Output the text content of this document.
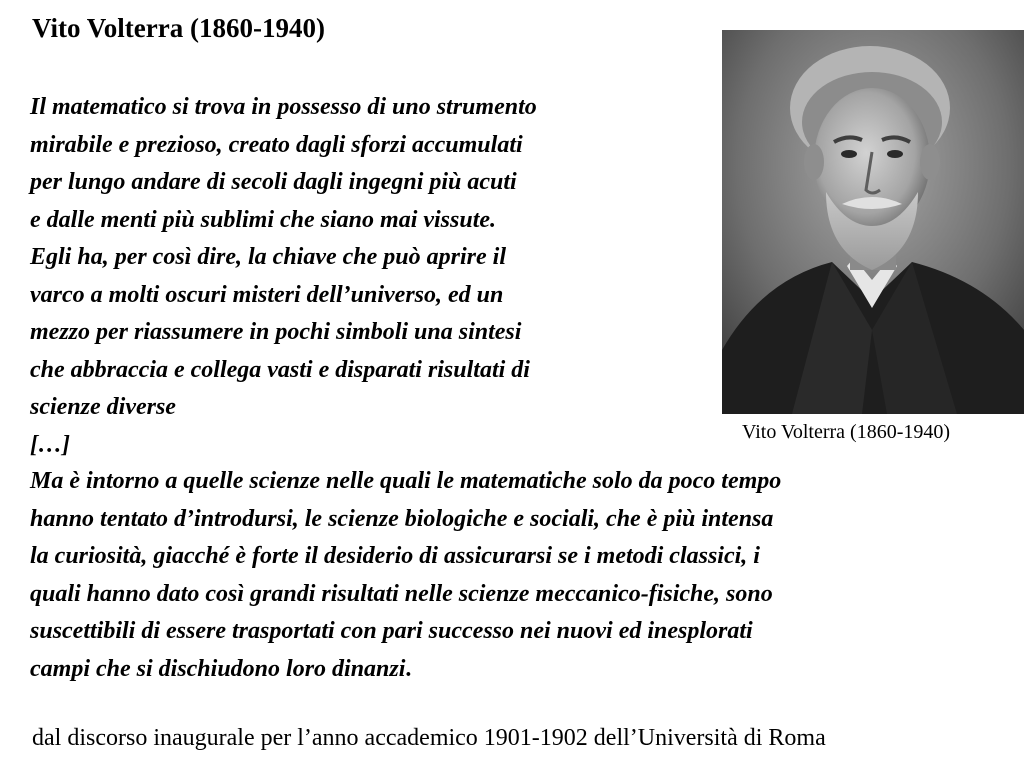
Vito Volterra (1860-1940)
Il matematico si trova in possesso di uno strumento
mirabile e prezioso, creato dagli sforzi accumulati
per lungo andare di secoli dagli ingegni più acuti
e dalle menti più sublimi che siano mai vissute.
Egli ha, per così dire, la chiave che può aprire il
varco a molti oscuri misteri dell’universo, ed un
mezzo per riassumere in pochi simboli una sintesi
che abbraccia e collega vasti e disparati risultati di
scienze diverse
[…]	Vito Volterra (1860-1940)
Ma è intorno a quelle scienze nelle quali le matematiche solo da poco tempo
hanno tentato d’introdursi, le scienze biologiche e sociali, che è più intensa
la curiosità, giacché è forte il desiderio di assicurarsi se i metodi classici, i
quali hanno dato così grandi risultati nelle scienze meccanico-fisiche, sono
suscettibili di essere trasportati con pari successo nei nuovi ed inesplorati
campi che si dischiudono loro dinanzi.
dal discorso inaugurale per l’anno accademico 1901-1902 dell’Università di Roma
